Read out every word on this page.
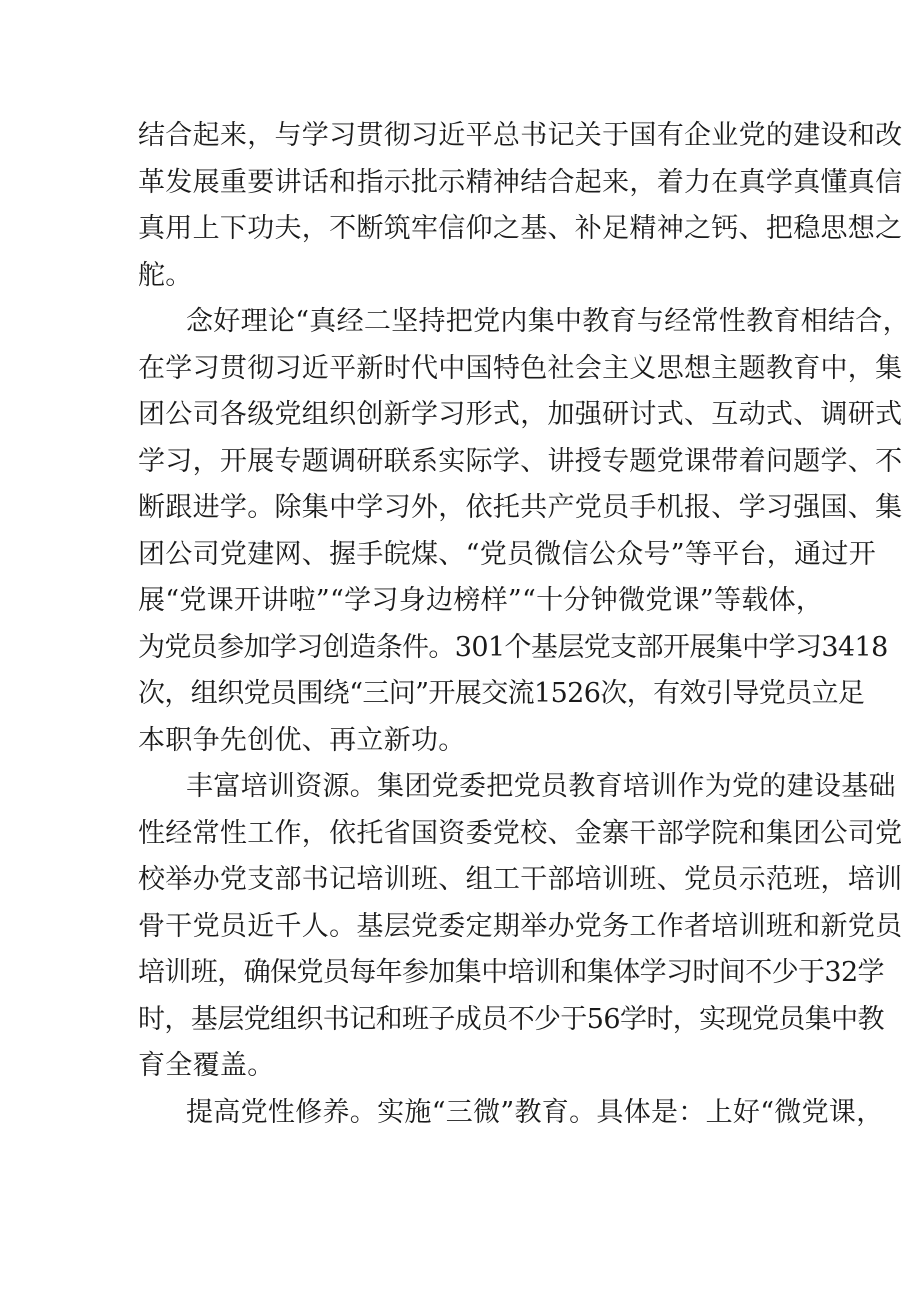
结合起来，与学习贯彻习近平总书记关于国有企业党的建设和改
革发展重要讲话和指示批示精神结合起来，着力在真学真懂真信
真用上下功夫，不断筑牢信仰之基、补足精神之钙、把稳思想之
舵。
念好理论“真经二坚持把党内集中教育与经常性教育相结合，
在学习贯彻习近平新时代中国特色社会主义思想主题教育中，集
团公司各级党组织创新学习形式，加强研讨式、互动式、调研式
学习，开展专题调研联系实际学、讲授专题党课带着问题学、不
断跟进学。除集中学习外，依托共产党员手机报、学习强国、集
团公司党建网、握手皖煤、“党员微信公众号”等平台，通过开
展“党课开讲啦”“学习身边榜样”“十分钟微党课”等载体，
为党员参加学习创造条件。301个基层党支部开展集中学习3418
次，组织党员围绕“三问”开展交流1526次，有效引导党员立足
本职争先创优、再立新功。
丰富培训资源。集团党委把党员教育培训作为党的建设基础
性经常性工作，依托省国资委党校、金寨干部学院和集团公司党
校举办党支部书记培训班、组工干部培训班、党员示范班，培训
骨干党员近千人。基层党委定期举办党务工作者培训班和新党员
培训班，确保党员每年参加集中培训和集体学习时间不少于32学
时，基层党组织书记和班子成员不少于56学时，实现党员集中教
育全覆盖。
提高党性修养。实施“三微”教育。具体是：上好“微党课，
